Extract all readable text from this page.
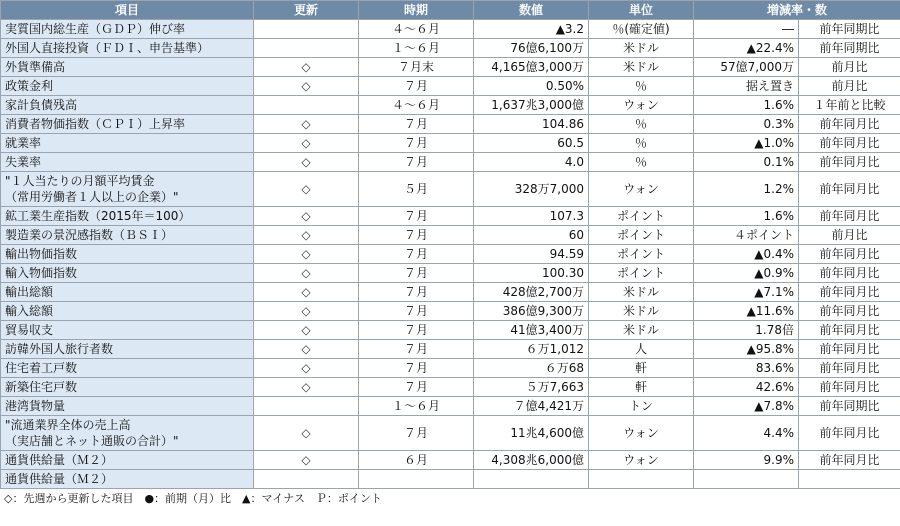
項目	更新	時期	数値	単位	増減率・数	
実質国内総生産（ＧＤＰ）伸び率		４～６月	▲3.2	％(確定値)	―	前年同期比
外国人直接投資（ＦＤＩ、申告基準）		１～６月	76億6,100万	米ドル	▲22.4%	前年同期比
外貨準備高	◇	７月末	4,165億3,000万	米ドル	57億7,000万	前月比
政策金利	◇	７月	0.50%	％	据え置き	前月比
家計負債残高		４～６月	1,637兆3,000億	ウォン	1.6%	１年前と比較
消費者物価指数（ＣＰＩ）上昇率	◇	７月	104.86	％	0.3%	前年同月比
就業率	◇	７月	60.5	％	▲1.0%	前年同月比
失業率	◇	７月	4.0	％	0.1%	前年同月比
"１人当たりの月額平均賃金
（常用労働者１人以上の企業）"	◇	５月	328万7,000	ウォン	1.2%	前年同月比
鉱工業生産指数（2015年＝100）	◇	７月	107.3	ポイント	1.6%	前年同月比
製造業の景況感指数（ＢＳＩ）	◇	７月	60	ポイント	４ポイント	前月比
輸出物価指数	◇	７月	94.59	ポイント	▲0.4%	前年同月比
輸入物価指数	◇	７月	100.30	ポイント	▲0.9%	前年同月比
輸出総額	◇	７月	428億2,700万	米ドル	▲7.1%	前年同月比
輸入総額	◇	７月	386億9,300万	米ドル	▲11.6%	前年同月比
貿易収支	◇	７月	41億3,400万	米ドル	1.78倍	前年同月比
訪韓外国人旅行者数	◇	７月	６万1,012	人	▲95.8%	前年同月比
住宅着工戸数	◇	７月	６万68	軒	83.6%	前年同月比
新築住宅戸数	◇	７月	５万7,663	軒	42.6%	前年同月比
港湾貨物量		１～６月	７億4,421万	トン	▲7.8%	前年同期比
"流通業界全体の売上高
（実店舗とネット通販の合計）"	◇	７月	11兆4,600億	ウォン	4.4%	前年同月比
通貨供給量（Ｍ２）	◇	６月	4,308兆6,000億	ウォン	9.9%	前年同月比
通貨供給量（Ｍ２）						
◇：先週から更新した項目　●：前期（月）比　▲：マイナス　Ｐ：ポイント
